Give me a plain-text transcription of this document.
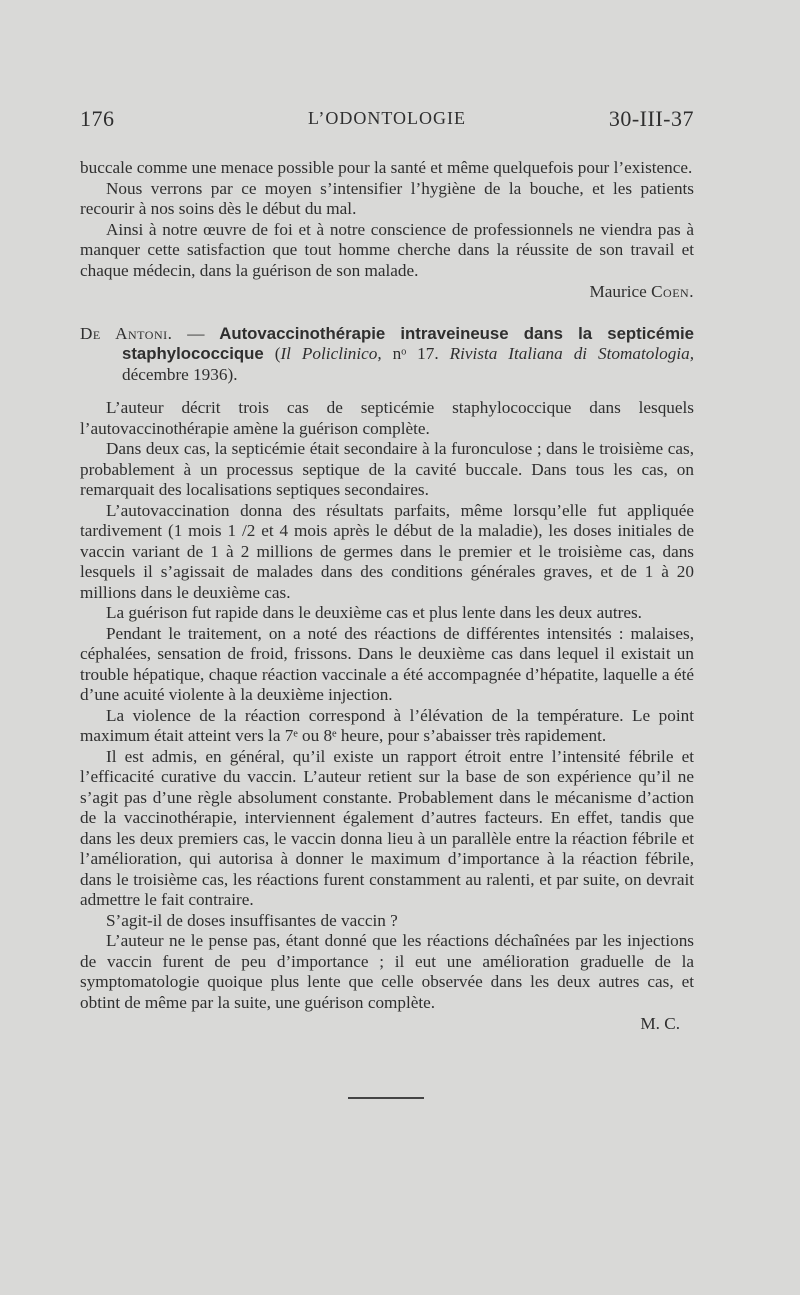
176	L’ODONTOLOGIE	30-III-37

buccale comme une menace possible pour la santé et même quelquefois pour l’existence.

Nous verrons par ce moyen s’intensifier l’hygiène de la bouche, et les patients recourir à nos soins dès le début du mal.

Ainsi à notre œuvre de foi et à notre conscience de professionnels ne viendra pas à manquer cette satisfaction que tout homme cherche dans la réussite de son travail et chaque médecin, dans la guérison de son malade.

Maurice Coen.

De Antoni. — Autovaccinothérapie intraveineuse dans la septicémie staphylococcique (Il Policlinico, nᵒ 17. Rivista Italiana di Stomatologia, décembre 1936).

L’auteur décrit trois cas de septicémie staphylococcique dans lesquels l’autovaccinothérapie amène la guérison complète.

Dans deux cas, la septicémie était secondaire à la furonculose ; dans le troisième cas, probablement à un processus septique de la cavité buccale. Dans tous les cas, on remarquait des localisations septiques secondaires.

L’autovaccination donna des résultats parfaits, même lorsqu’elle fut appliquée tardivement (1 mois 1 /2 et 4 mois après le début de la maladie), les doses initiales de vaccin variant de 1 à 2 millions de germes dans le premier et le troisième cas, dans lesquels il s’agissait de malades dans des conditions générales graves, et de 1 à 20 millions dans le deuxième cas.

La guérison fut rapide dans le deuxième cas et plus lente dans les deux autres.

Pendant le traitement, on a noté des réactions de différentes intensités : malaises, céphalées, sensation de froid, frissons. Dans le deuxième cas dans lequel il existait un trouble hépatique, chaque réaction vaccinale a été accompagnée d’hépatite, laquelle a été d’une acuité violente à la deuxième injection.

La violence de la réaction correspond à l’élévation de la température. Le point maximum était atteint vers la 7ᵉ ou 8ᵉ heure, pour s’abaisser très rapidement.

Il est admis, en général, qu’il existe un rapport étroit entre l’intensité fébrile et l’efficacité curative du vaccin. L’auteur retient sur la base de son expérience qu’il ne s’agit pas d’une règle absolument constante. Probablement dans le mécanisme d’action de la vaccinothérapie, interviennent également d’autres facteurs. En effet, tandis que dans les deux premiers cas, le vaccin donna lieu à un parallèle entre la réaction fébrile et l’amélioration, qui autorisa à donner le maximum d’importance à la réaction fébrile, dans le troisième cas, les réactions furent constamment au ralenti, et par suite, on devrait admettre le fait contraire.

S’agit-il de doses insuffisantes de vaccin ?

L’auteur ne le pense pas, étant donné que les réactions déchaînées par les injections de vaccin furent de peu d’importance ; il eut une amélioration graduelle de la symptomatologie quoique plus lente que celle observée dans les deux autres cas, et obtint de même par la suite, une guérison complète.

M. C.
